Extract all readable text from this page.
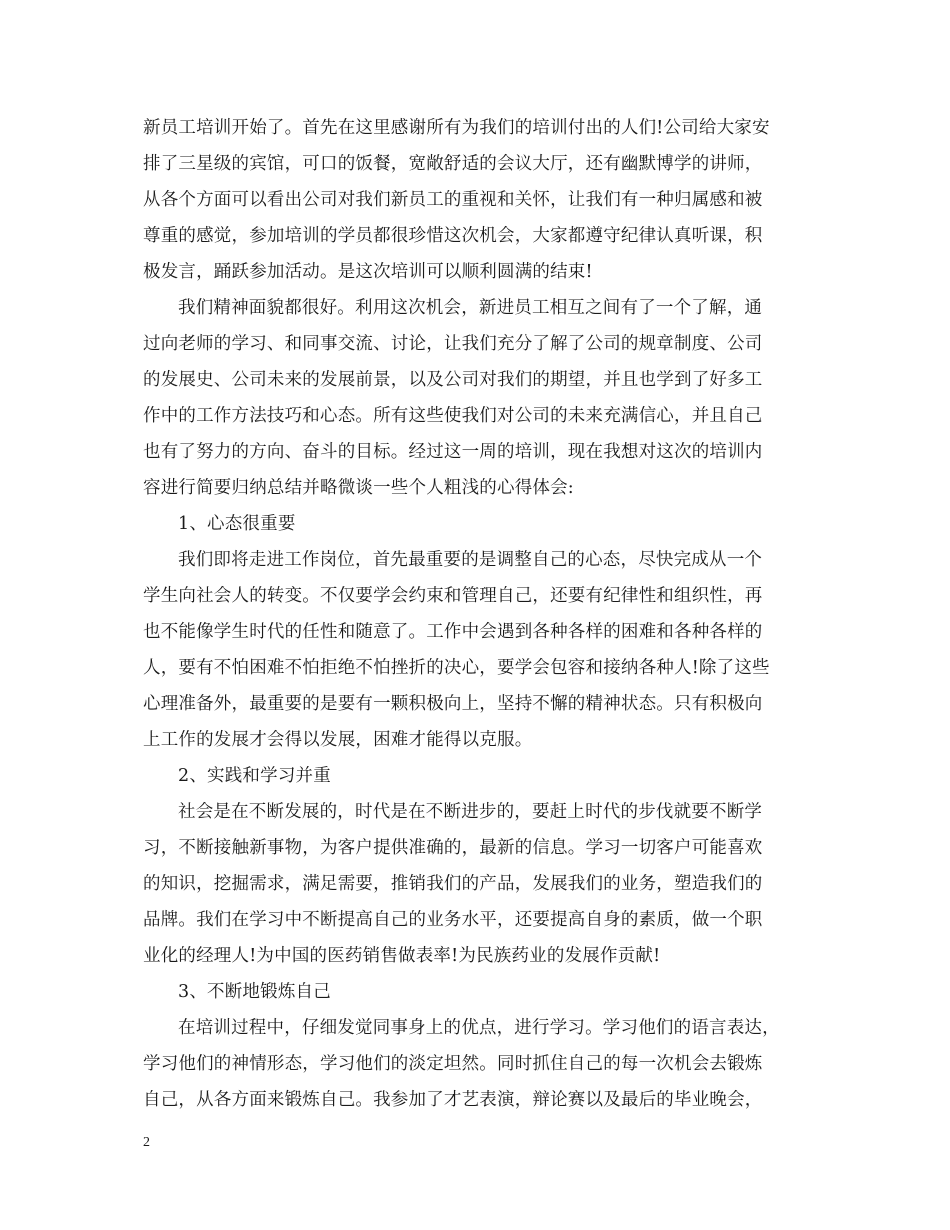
新员工培训开始了。首先在这里感谢所有为我们的培训付出的人们!公司给大家安
排了三星级的宾馆，可口的饭餐，宽敞舒适的会议大厅，还有幽默博学的讲师，
从各个方面可以看出公司对我们新员工的重视和关怀，让我们有一种归属感和被
尊重的感觉，参加培训的学员都很珍惜这次机会，大家都遵守纪律认真听课，积
极发言，踊跃参加活动。是这次培训可以顺利圆满的结束!
我们精神面貌都很好。利用这次机会，新进员工相互之间有了一个了解，通
过向老师的学习、和同事交流、讨论，让我们充分了解了公司的规章制度、公司
的发展史、公司未来的发展前景，以及公司对我们的期望，并且也学到了好多工
作中的工作方法技巧和心态。所有这些使我们对公司的未来充满信心，并且自己
也有了努力的方向、奋斗的目标。经过这一周的培训，现在我想对这次的培训内
容进行简要归纳总结并略微谈一些个人粗浅的心得体会:
1、心态很重要
我们即将走进工作岗位，首先最重要的是调整自己的心态，尽快完成从一个
学生向社会人的转变。不仅要学会约束和管理自己，还要有纪律性和组织性，再
也不能像学生时代的任性和随意了。工作中会遇到各种各样的困难和各种各样的
人，要有不怕困难不怕拒绝不怕挫折的决心，要学会包容和接纳各种人!除了这些
心理准备外，最重要的是要有一颗积极向上，坚持不懈的精神状态。只有积极向
上工作的发展才会得以发展，困难才能得以克服。
2、实践和学习并重
社会是在不断发展的，时代是在不断进步的，要赶上时代的步伐就要不断学
习，不断接触新事物，为客户提供准确的，最新的信息。学习一切客户可能喜欢
的知识，挖掘需求，满足需要，推销我们的产品，发展我们的业务，塑造我们的
品牌。我们在学习中不断提高自己的业务水平，还要提高自身的素质，做一个职
业化的经理人!为中国的医药销售做表率!为民族药业的发展作贡献!
3、不断地锻炼自己
在培训过程中，仔细发觉同事身上的优点，进行学习。学习他们的语言表达，
学习他们的神情形态，学习他们的淡定坦然。同时抓住自己的每一次机会去锻炼
自己，从各方面来锻炼自己。我参加了才艺表演，辩论赛以及最后的毕业晚会，
2
